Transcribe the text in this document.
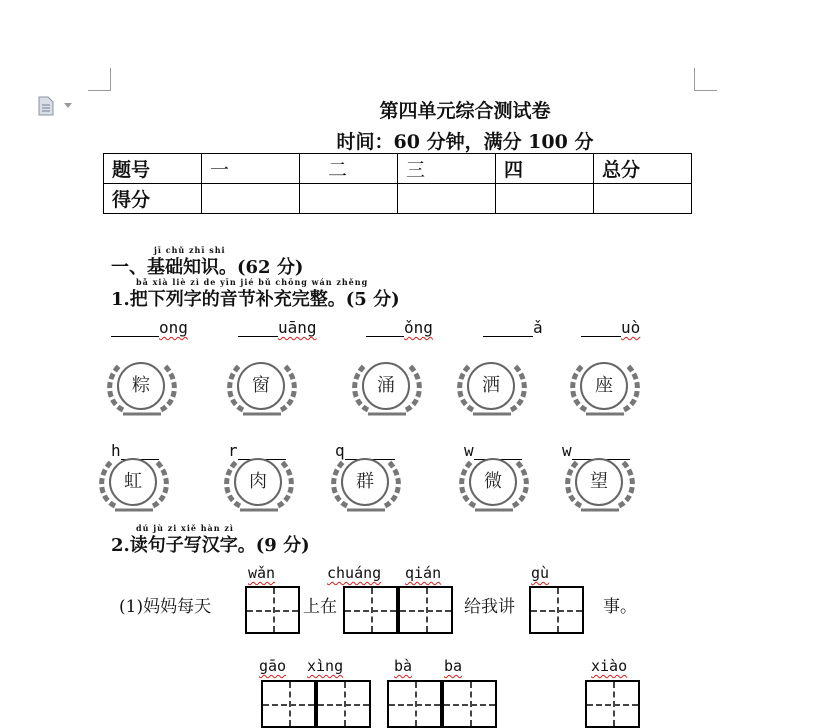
第四单元综合测试卷
时间：60 分钟，满分 100 分
题号	一	二	三	四	总分
得分					
jī chǔ zhī shi
一、基础知识。(62 分)
bǎ xià liè zì de yīn jié bǔ chōng wán zhěng
1.把下列字的音节补充完整。(5 分)
ong	uāng	ǒng	ǎ	uò
粽	窗	涌	洒	座
h	r	q	w	w
虹	肉	群	微	望
dú jù zi xiě hàn zì
2.读句子写汉字。(9 分)
wǎn	chuáng qián	gù
(1)妈妈每天	上在	给我讲	事。
gāo xìng	bà ba	xiào
